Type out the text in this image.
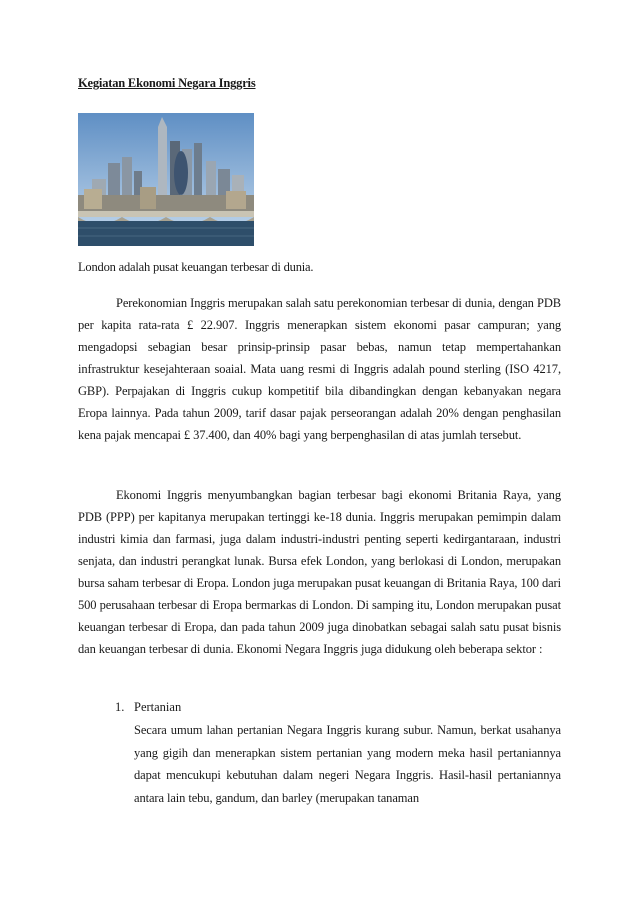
Kegiatan Ekonomi Negara Inggris
London adalah pusat keuangan terbesar di dunia.

Perekonomian Inggris merupakan salah satu perekonomian terbesar di dunia, dengan PDB per kapita rata-rata £ 22.907. Inggris menerapkan sistem ekonomi pasar campuran; yang mengadopsi sebagian besar prinsip-prinsip pasar bebas, namun tetap mempertahankan infrastruktur kesejahteraan soaial. Mata uang resmi di Inggris adalah pound sterling (ISO 4217, GBP). Perpajakan di Inggris cukup kompetitif bila dibandingkan dengan kebanyakan negara Eropa lainnya. Pada tahun 2009, tarif dasar pajak perseorangan adalah 20% dengan penghasilan kena pajak mencapai £ 37.400, dan 40% bagi yang berpenghasilan di atas jumlah tersebut.

Ekonomi Inggris menyumbangkan bagian terbesar bagi ekonomi Britania Raya, yang PDB (PPP) per kapitanya merupakan tertinggi ke-18 dunia. Inggris merupakan pemimpin dalam industri kimia dan farmasi, juga dalam industri-industri penting seperti kedirgantaraan, industri senjata, dan industri perangkat lunak. Bursa efek London, yang berlokasi di London, merupakan bursa saham terbesar di Eropa. London juga merupakan pusat keuangan di Britania Raya, 100 dari 500 perusahaan terbesar di Eropa bermarkas di London. Di samping itu, London merupakan pusat keuangan terbesar di Eropa, dan pada tahun 2009 juga dinobatkan sebagai salah satu pusat bisnis dan keuangan terbesar di dunia. Ekonomi Negara Inggris juga didukung oleh beberapa sektor :

1. Pertanian

Secara umum lahan pertanian Negara Inggris kurang subur. Namun, berkat usahanya yang gigih dan menerapkan sistem pertanian yang modern meka hasil pertaniannya dapat mencukupi kebutuhan dalam negeri Negara Inggris. Hasil-hasil pertaniannya antara lain tebu, gandum, dan barley (merupakan tanaman
